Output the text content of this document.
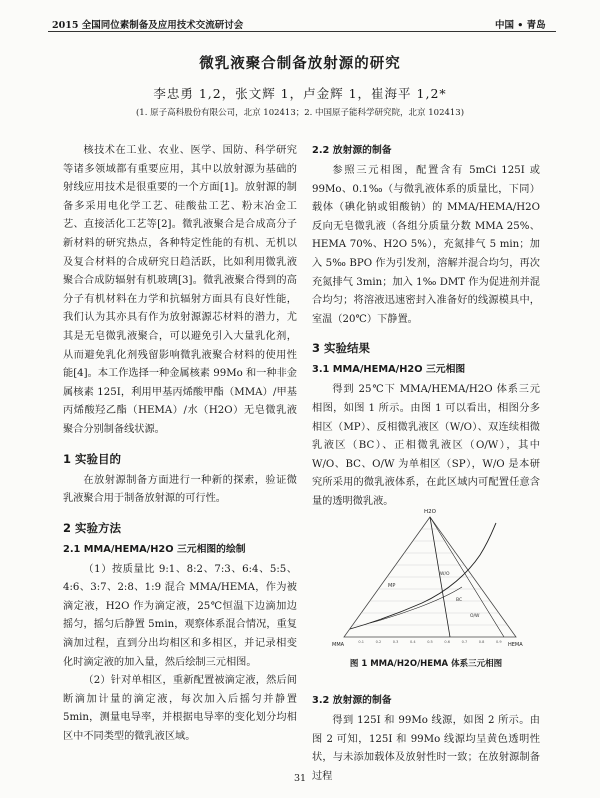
2015 全国同位素制备及应用技术交流研讨会	中国 • 青岛
微乳液聚合制备放射源的研究
李忠勇 1,2，张文辉 1，卢金辉 1，崔海平 1,2*
(1. 原子高科股份有限公司，北京 102413；2. 中国原子能科学研究院，北京 102413)

核技术在工业、农业、医学、国防、科学研究等诸多领域都有重要应用，其中以放射源为基础的射线应用技术是很重要的一个方面[1]。放射源的制备多采用电化学工艺、硅酸盐工艺、粉末冶金工艺、直接活化工艺等[2]。微乳液聚合是合成高分子新材料的研究热点，各种特定性能的有机、无机以及复合材料的合成研究日趋活跃，比如利用微乳液聚合合成防辐射有机玻璃[3]。微乳液聚合得到的高分子有机材料在力学和抗辐射方面具有良好性能，我们认为其亦具有作为放射源源芯材料的潜力，尤其是无皂微乳液聚合，可以避免引入大量乳化剂，从而避免乳化剂残留影响微乳液聚合材料的使用性能[4]。本工作选择一种金属核素 99Mo 和一种非金属核素 125I，利用甲基丙烯酸甲酯（MMA）/甲基丙烯酸羟乙酯（HEMA）/水（H2O）无皂微乳液聚合分别制备线状源。

1 实验目的

在放射源制备方面进行一种新的探索，验证微乳液聚合用于制备放射源的可行性。

2 实验方法
2.1 MMA/HEMA/H2O 三元相图的绘制

（1）按质量比 9:1、8:2、7:3、6:4、5:5、4:6、3:7、2:8、1:9 混合 MMA/HEMA，作为被滴定液，H2O 作为滴定液，25℃恒温下边滴加边摇匀，摇匀后静置 5min，观察体系混合情况，重复滴加过程，直到分出均相区和多相区，并记录相变化时滴定液的加入量，然后绘制三元相图。

（2）针对单相区，重新配置被滴定液，然后间断滴加计量的滴定液，每次加入后摇匀并静置 5min，测量电导率，并根据电导率的变化划分均相区中不同类型的微乳液区域。

2.2 放射源的制备

参照三元相图，配置含有 5mCi 125I 或 99Mo、0.1‰（与微乳液体系的质量比，下同）载体（碘化钠或钼酸钠）的 MMA/HEMA/H2O 反向无皂微乳液（各组分质量分数 MMA 25%、HEMA 70%、H2O 5%），充氮排气 5 min；加入 5‰ BPO 作为引发剂，溶解并混合均匀，再次充氮排气 3min；加入 1‰ DMT 作为促进剂并混合均匀；将溶液迅速密封入准备好的线源模具中，室温（20℃）下静置。

3 实验结果
3.1 MMA/HEMA/H2O 三元相图

得到 25℃下 MMA/HEMA/H2O 体系三元相图，如图 1 所示。由图 1 可以看出，相图分多相区（MP）、反相微乳液区（W/O）、双连续相微乳液区（BC）、正相微乳液区（O/W），其中 W/O、BC、O/W 为单相区（SP），W/O 是本研究所采用的微乳液体系，在此区域内可配置任意含量的透明微乳液。

MP
W/O
BC
O/W
H2O
MMA	HEMA
0.1	0.2	0.3	0.4	0.5	0.6	0.7	0.8	0.9
图 1 MMA/H2O/HEMA 体系三元相图
3.2 放射源的制备

得到 125I 和 99Mo 线源，如图 2 所示。由图 2 可知，125I 和 99Mo 线源均呈黄色透明性状，与未添加载体及放射性时一致；在放射源制备过程

31
